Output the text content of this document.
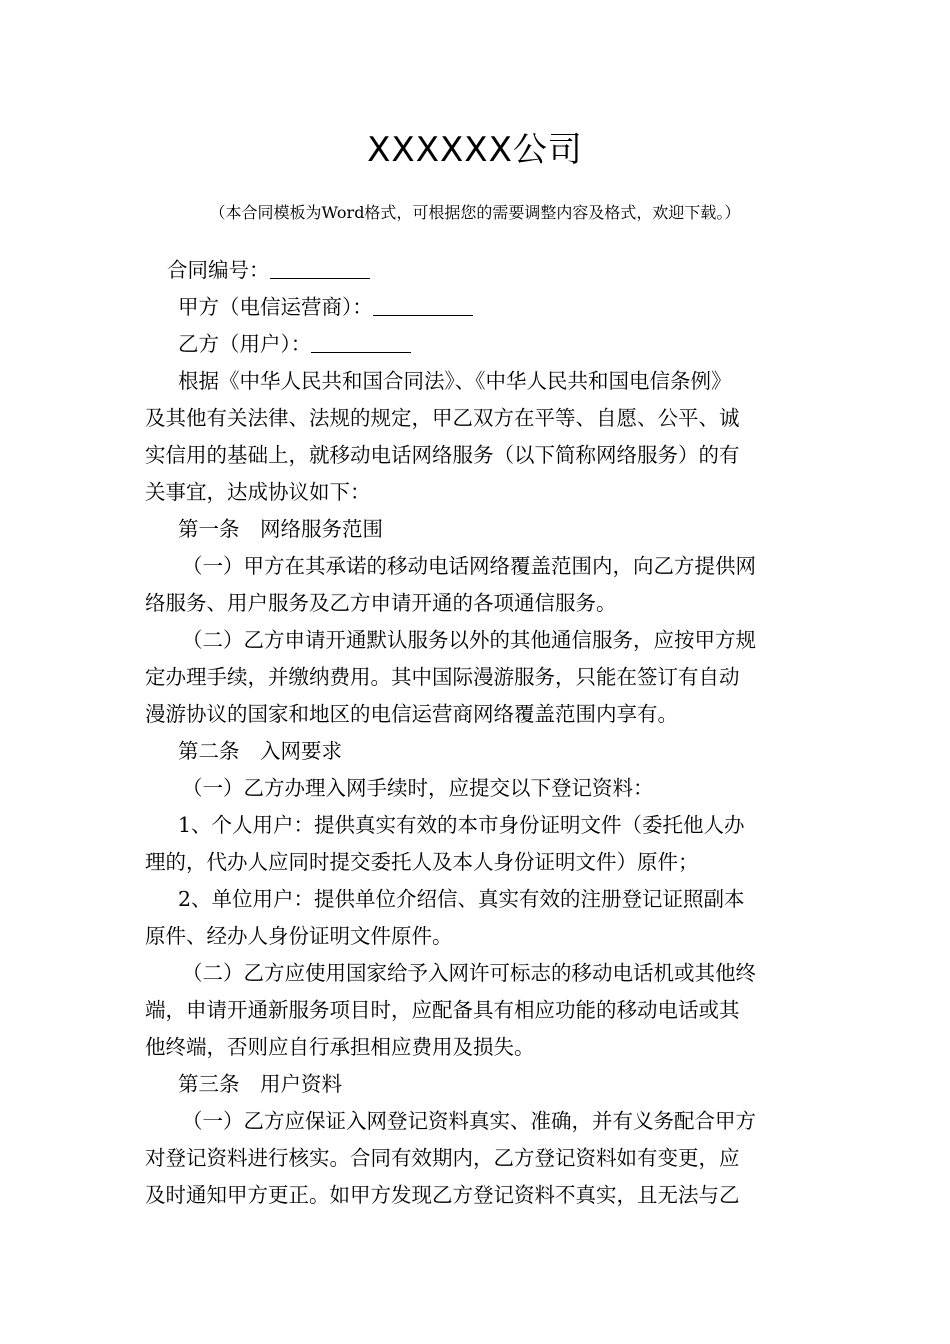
XXXXXX公司
（本合同模板为Word格式，可根据您的需要调整内容及格式，欢迎下载。）
合同编号：
甲方（电信运营商）：
乙方（用户）：
根据《中华人民共和国合同法》、《中华人民共和国电信条例》
及其他有关法律、法规的规定，甲乙双方在平等、自愿、公平、诚
实信用的基础上，就移动电话网络服务（以下简称网络服务）的有
关事宜，达成协议如下：
第一条　网络服务范围
（一）甲方在其承诺的移动电话网络覆盖范围内，向乙方提供网
络服务、用户服务及乙方申请开通的各项通信服务。
（二）乙方申请开通默认服务以外的其他通信服务，应按甲方规
定办理手续，并缴纳费用。其中国际漫游服务，只能在签订有自动
漫游协议的国家和地区的电信运营商网络覆盖范围内享有。
第二条　入网要求
（一）乙方办理入网手续时，应提交以下登记资料：
1、个人用户：提供真实有效的本市身份证明文件（委托他人办
理的，代办人应同时提交委托人及本人身份证明文件）原件；
2、单位用户：提供单位介绍信、真实有效的注册登记证照副本
原件、经办人身份证明文件原件。
（二）乙方应使用国家给予入网许可标志的移动电话机或其他终
端，申请开通新服务项目时，应配备具有相应功能的移动电话或其
他终端，否则应自行承担相应费用及损失。
第三条　用户资料
（一）乙方应保证入网登记资料真实、准确，并有义务配合甲方
对登记资料进行核实。合同有效期内，乙方登记资料如有变更，应
及时通知甲方更正。如甲方发现乙方登记资料不真实，且无法与乙
